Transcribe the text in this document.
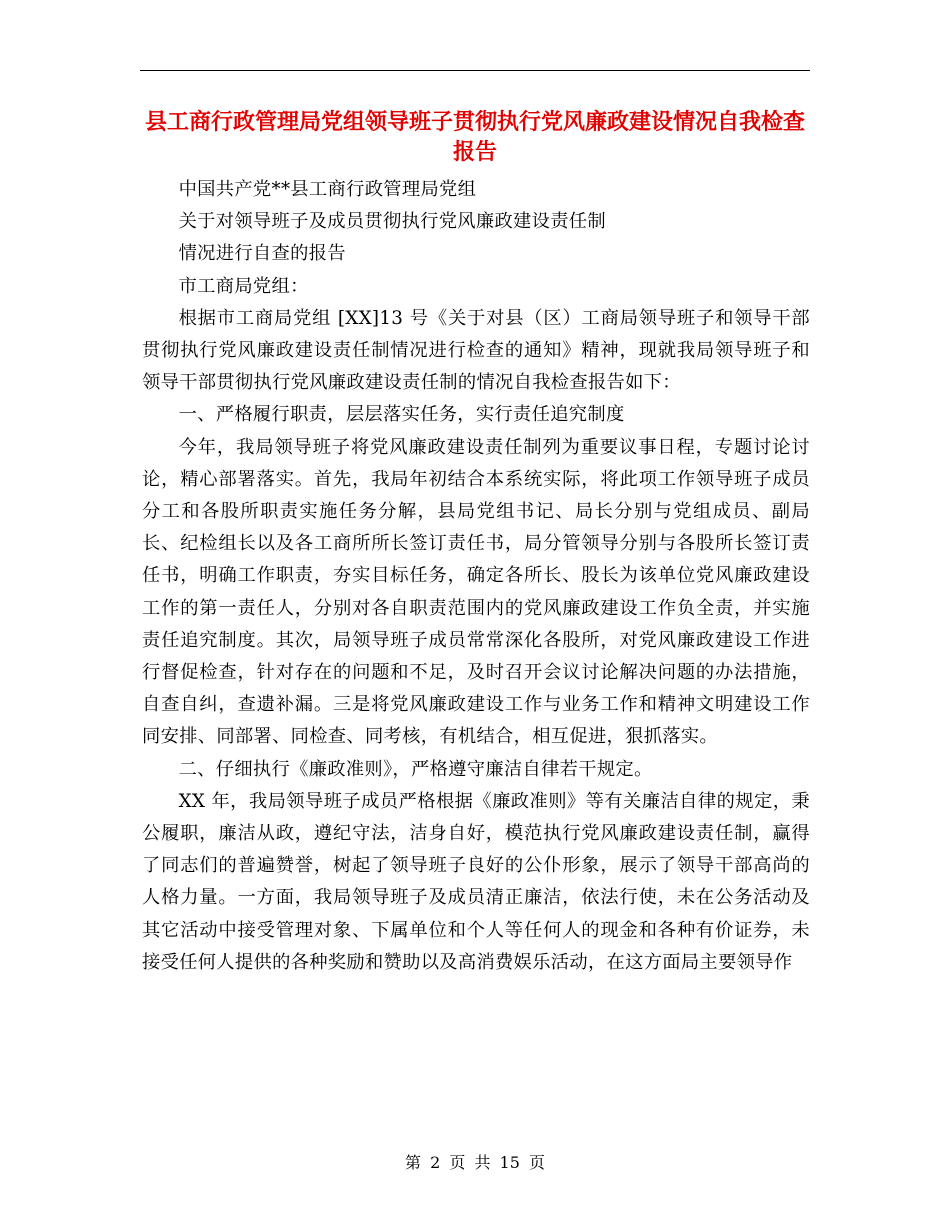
县工商行政管理局党组领导班子贯彻执行党风廉政建设情况自我检查报告

中国共产党**县工商行政管理局党组

关于对领导班子及成员贯彻执行党风廉政建设责任制

情况进行自查的报告

市工商局党组：

根据市工商局党组 [XX]13 号《关于对县（区）工商局领导班子和领导干部贯彻执行党风廉政建设责任制情况进行检查的通知》精神，现就我局领导班子和领导干部贯彻执行党风廉政建设责任制的情况自我检查报告如下：

一、严格履行职责，层层落实任务，实行责任追究制度

今年，我局领导班子将党风廉政建设责任制列为重要议事日程，专题讨论讨论，精心部署落实。首先，我局年初结合本系统实际，将此项工作领导班子成员分工和各股所职责实施任务分解，县局党组书记、局长分别与党组成员、副局长、纪检组长以及各工商所所长签订责任书，局分管领导分别与各股所长签订责任书，明确工作职责，夯实目标任务，确定各所长、股长为该单位党风廉政建设工作的第一责任人，分别对各自职责范围内的党风廉政建设工作负全责，并实施责任追究制度。其次，局领导班子成员常常深化各股所，对党风廉政建设工作进行督促检查，针对存在的问题和不足，及时召开会议讨论解决问题的办法措施，自查自纠，查遗补漏。三是将党风廉政建设工作与业务工作和精神文明建设工作同安排、同部署、同检查、同考核，有机结合，相互促进，狠抓落实。

二、仔细执行《廉政准则》，严格遵守廉洁自律若干规定。

XX 年，我局领导班子成员严格根据《廉政准则》等有关廉洁自律的规定，秉公履职，廉洁从政，遵纪守法，洁身自好，模范执行党风廉政建设责任制，赢得了同志们的普遍赞誉，树起了领导班子良好的公仆形象，展示了领导干部高尚的人格力量。一方面，我局领导班子及成员清正廉洁，依法行使，未在公务活动及其它活动中接受管理对象、下属单位和个人等任何人的现金和各种有价证券，未接受任何人提供的各种奖励和赞助以及高消费娱乐活动，在这方面局主要领导作

第 2 页 共 15 页
